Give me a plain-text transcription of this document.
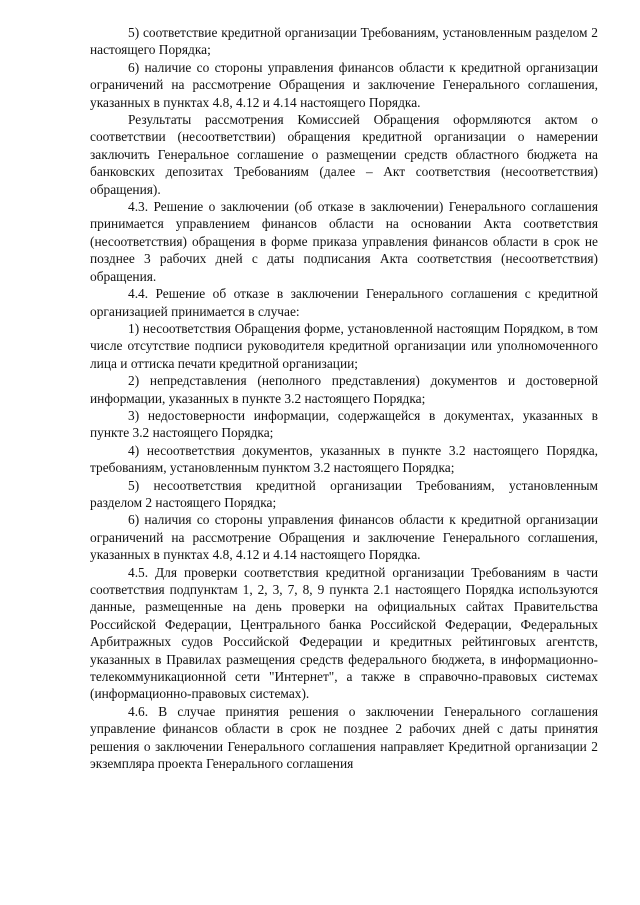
5) соответствие кредитной организации Требованиям, установленным разделом 2 настоящего Порядка;

6) наличие со стороны управления финансов области к кредитной организации ограничений на рассмотрение Обращения и заключение Генерального соглашения, указанных в пунктах 4.8, 4.12 и 4.14 настоящего Порядка.

Результаты рассмотрения Комиссией Обращения оформляются актом о соответствии (несоответствии) обращения кредитной организации о намерении заключить Генеральное соглашение о размещении средств областного бюджета на банковских депозитах Требованиям (далее – Акт соответствия (несоответствия) обращения).

4.3. Решение о заключении (об отказе в заключении) Генерального соглашения принимается управлением финансов области на основании Акта соответствия (несоответствия) обращения в форме приказа управления финансов области в срок не позднее 3 рабочих дней с даты подписания Акта соответствия (несоответствия) обращения.

4.4. Решение об отказе в заключении Генерального соглашения с кредитной организацией принимается в случае:

1) несоответствия Обращения форме, установленной настоящим Порядком, в том числе отсутствие подписи руководителя кредитной организации или уполномоченного лица и оттиска печати кредитной организации;

2) непредставления (неполного представления) документов и достоверной информации, указанных в пункте 3.2 настоящего Порядка;

3) недостоверности информации, содержащейся в документах, указанных в пункте 3.2 настоящего Порядка;

4) несоответствия документов, указанных в пункте 3.2 настоящего Порядка, требованиям, установленным пунктом 3.2 настоящего Порядка;

5) несоответствия кредитной организации Требованиям, установленным разделом 2 настоящего Порядка;

6) наличия со стороны управления финансов области к кредитной организации ограничений на рассмотрение Обращения и заключение Генерального соглашения, указанных в пунктах 4.8, 4.12 и 4.14 настоящего Порядка.

4.5. Для проверки соответствия кредитной организации Требованиям в части соответствия подпунктам 1, 2, 3, 7, 8, 9 пункта 2.1 настоящего Порядка используются данные, размещенные на день проверки на официальных сайтах Правительства Российской Федерации, Центрального банка Российской Федерации, Федеральных Арбитражных судов Российской Федерации и кредитных рейтинговых агентств, указанных в Правилах размещения средств федерального бюджета, в информационно-телекоммуникационной сети "Интернет", а также в справочно-правовых системах (информационно-правовых системах).

4.6. В случае принятия решения о заключении Генерального соглашения управление финансов области в срок не позднее 2 рабочих дней с даты принятия решения о заключении Генерального соглашения направляет Кредитной организации 2 экземпляра проекта Генерального соглашения
